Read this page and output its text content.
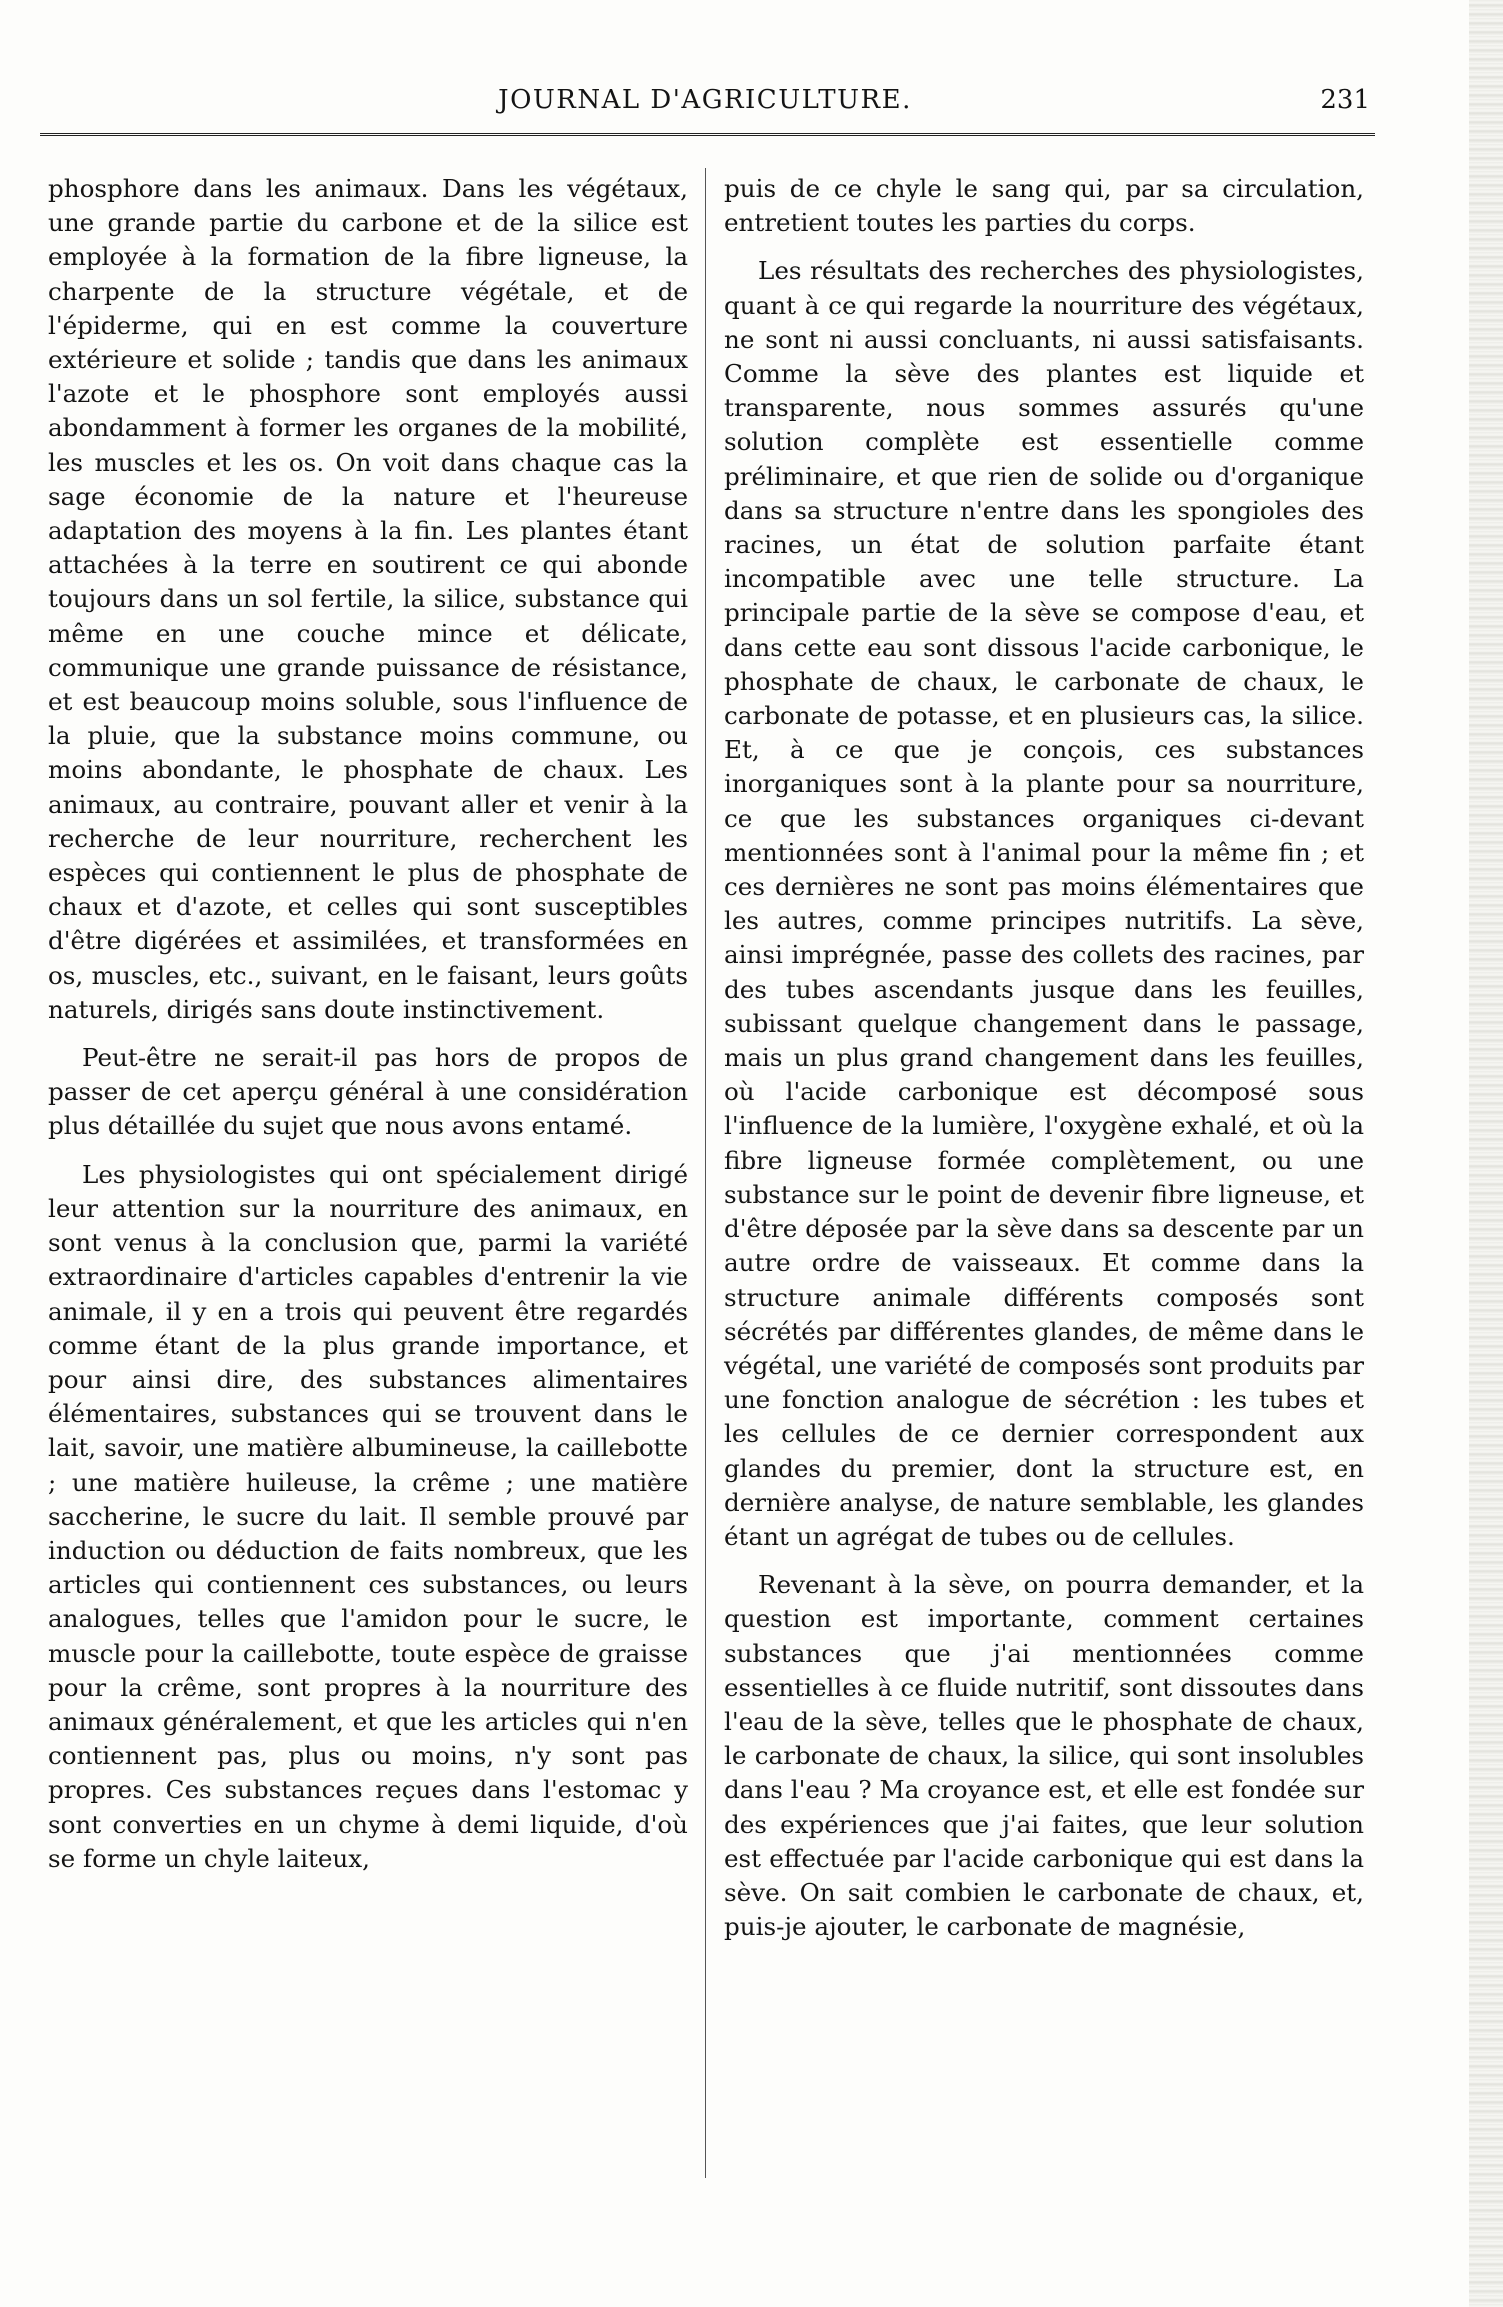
JOURNAL D'AGRICULTURE.	231

phosphore dans les animaux. Dans les végétaux, une grande partie du carbone et de la silice est employée à la formation de la fibre ligneuse, la charpente de la structure végétale, et de l'épiderme, qui en est comme la couverture extérieure et solide ; tandis que dans les animaux l'azote et le phosphore sont employés aussi abondamment à former les organes de la mobilité, les muscles et les os. On voit dans chaque cas la sage économie de la nature et l'heureuse adaptation des moyens à la fin. Les plantes étant attachées à la terre en soutirent ce qui abonde toujours dans un sol fertile, la silice, substance qui même en une couche mince et délicate, communique une grande puissance de résistance, et est beaucoup moins soluble, sous l'influence de la pluie, que la substance moins commune, ou moins abondante, le phosphate de chaux. Les animaux, au contraire, pouvant aller et venir à la recherche de leur nourriture, recherchent les espèces qui contiennent le plus de phosphate de chaux et d'azote, et celles qui sont susceptibles d'être digérées et assimilées, et transformées en os, muscles, etc., suivant, en le faisant, leurs goûts naturels, dirigés sans doute instinctivement.

Peut-être ne serait-il pas hors de propos de passer de cet aperçu général à une considération plus détaillée du sujet que nous avons entamé.

Les physiologistes qui ont spécialement dirigé leur attention sur la nourriture des animaux, en sont venus à la conclusion que, parmi la variété extraordinaire d'articles capables d'entrenir la vie animale, il y en a trois qui peuvent être regardés comme étant de la plus grande importance, et pour ainsi dire, des substances alimentaires élémentaires, substances qui se trouvent dans le lait, savoir, une matière albumineuse, la caillebotte ; une matière huileuse, la crême ; une matière saccherine, le sucre du lait. Il semble prouvé par induction ou déduction de faits nombreux, que les articles qui contiennent ces substances, ou leurs analogues, telles que l'amidon pour le sucre, le muscle pour la caillebotte, toute espèce de graisse pour la crême, sont propres à la nourriture des animaux généralement, et que les articles qui n'en contiennent pas, plus ou moins, n'y sont pas propres. Ces substances reçues dans l'estomac y sont converties en un chyme à demi liquide, d'où se forme un chyle laiteux,

puis de ce chyle le sang qui, par sa circulation, entretient toutes les parties du corps.

Les résultats des recherches des physiologistes, quant à ce qui regarde la nourriture des végétaux, ne sont ni aussi concluants, ni aussi satisfaisants. Comme la sève des plantes est liquide et transparente, nous sommes assurés qu'une solution complète est essentielle comme préliminaire, et que rien de solide ou d'organique dans sa structure n'entre dans les spongioles des racines, un état de solution parfaite étant incompatible avec une telle structure. La principale partie de la sève se compose d'eau, et dans cette eau sont dissous l'acide carbonique, le phosphate de chaux, le carbonate de chaux, le carbonate de potasse, et en plusieurs cas, la silice. Et, à ce que je conçois, ces substances inorganiques sont à la plante pour sa nourriture, ce que les substances organiques ci-devant mentionnées sont à l'animal pour la même fin ; et ces dernières ne sont pas moins élémentaires que les autres, comme principes nutritifs. La sève, ainsi imprégnée, passe des collets des racines, par des tubes ascendants jusque dans les feuilles, subissant quelque changement dans le passage, mais un plus grand changement dans les feuilles, où l'acide carbonique est décomposé sous l'influence de la lumière, l'oxygène exhalé, et où la fibre ligneuse formée complètement, ou une substance sur le point de devenir fibre ligneuse, et d'être déposée par la sève dans sa descente par un autre ordre de vaisseaux. Et comme dans la structure animale différents composés sont sécrétés par différentes glandes, de même dans le végétal, une variété de composés sont produits par une fonction analogue de sécrétion : les tubes et les cellules de ce dernier correspondent aux glandes du premier, dont la structure est, en dernière analyse, de nature semblable, les glandes étant un agrégat de tubes ou de cellules.

Revenant à la sève, on pourra demander, et la question est importante, comment certaines substances que j'ai mentionnées comme essentielles à ce fluide nutritif, sont dissoutes dans l'eau de la sève, telles que le phosphate de chaux, le carbonate de chaux, la silice, qui sont insolubles dans l'eau ? Ma croyance est, et elle est fondée sur des expériences que j'ai faites, que leur solution est effectuée par l'acide carbonique qui est dans la sève. On sait combien le carbonate de chaux, et, puis-je ajouter, le carbonate de magnésie,
